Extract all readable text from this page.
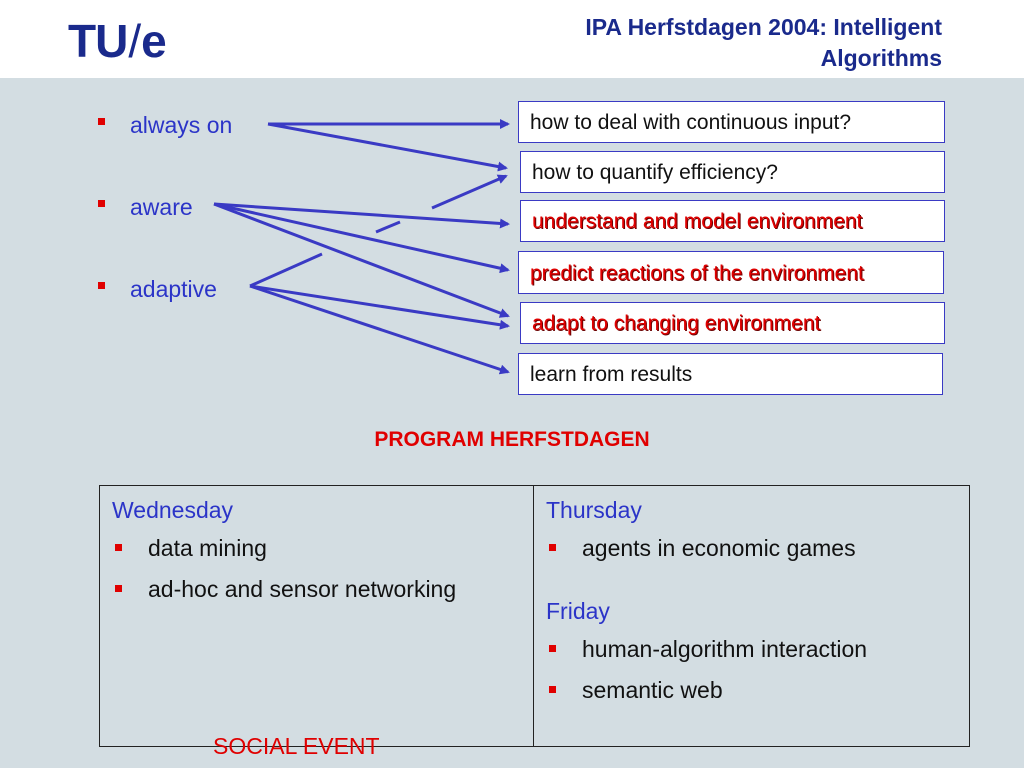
TU/e	IPA Herfstdagen 2004: Intelligent
Algorithms
always on
aware
adaptive
how to deal with continuous input?
how to quantify efficiency?
understand and model environment
predict reactions of the environment
adapt to changing environment
learn from results
PROGRAM HERFSTDAGEN
Wednesday
data mining
ad-hoc and sensor networking
Thursday
agents in economic games
Friday
human-algorithm interaction
semantic web
SOCIAL EVENT
